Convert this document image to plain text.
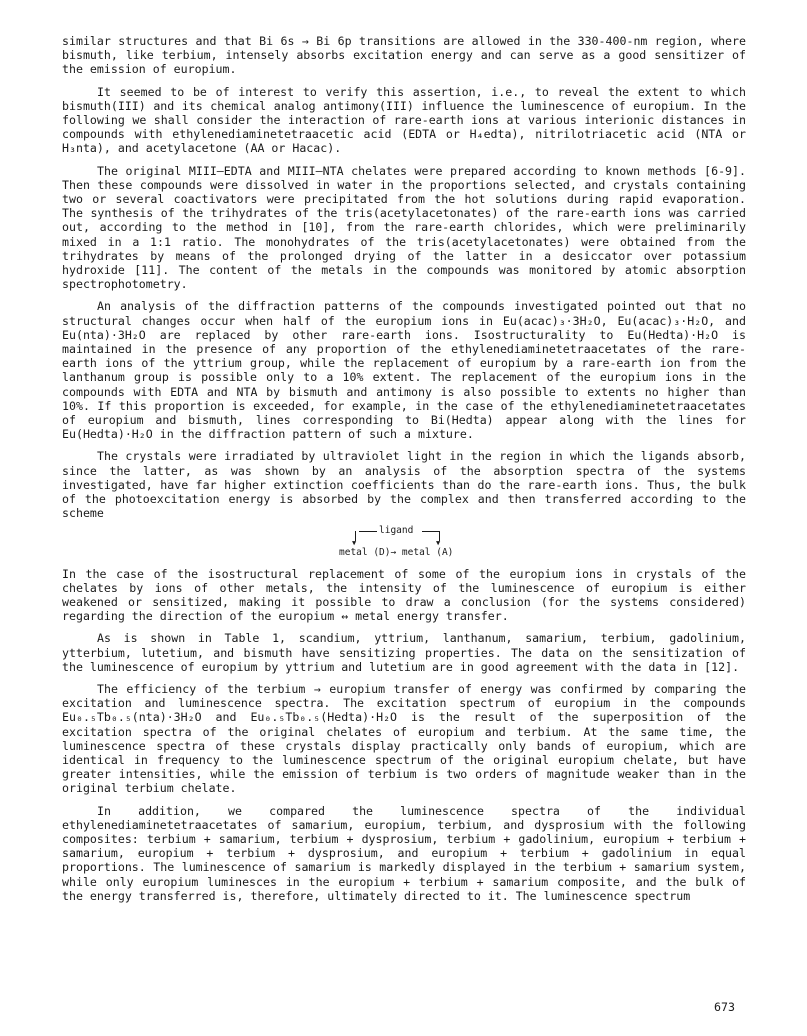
similar structures and that Bi 6s → Bi 6p transitions are allowed in the 330-400-nm region, where bismuth, like terbium, intensely absorbs excitation energy and can serve as a good sensitizer of the emission of europium.

It seemed to be of interest to verify this assertion, i.e., to reveal the extent to which bismuth(III) and its chemical analog antimony(III) influence the luminescence of europium. In the following we shall consider the interaction of rare-earth ions at various interionic distances in compounds with ethylenediaminetetraacetic acid (EDTA or H₄edta), nitrilotriacetic acid (NTA or H₃nta), and acetylacetone (AA or Hacac).

The original MIII–EDTA and MIII–NTA chelates were prepared according to known methods [6-9]. Then these compounds were dissolved in water in the proportions selected, and crystals containing two or several coactivators were precipitated from the hot solutions during rapid evaporation. The synthesis of the trihydrates of the tris(acetylacetonates) of the rare-earth ions was carried out, according to the method in [10], from the rare-earth chlorides, which were preliminarily mixed in a 1:1 ratio. The monohydrates of the tris(acetylacetonates) were obtained from the trihydrates by means of the prolonged drying of the latter in a desiccator over potassium hydroxide [11]. The content of the metals in the compounds was monitored by atomic absorption spectrophotometry.

An analysis of the diffraction patterns of the compounds investigated pointed out that no structural changes occur when half of the europium ions in Eu(acac)₃·3H₂O, Eu(acac)₃·H₂O, and Eu(nta)·3H₂O are replaced by other rare-earth ions. Isostructurality to Eu(Hedta)·H₂O is maintained in the presence of any proportion of the ethylenediaminetetraacetates of the rare-earth ions of the yttrium group, while the replacement of europium by a rare-earth ion from the lanthanum group is possible only to a 10% extent. The replacement of the europium ions in the compounds with EDTA and NTA by bismuth and antimony is also possible to extents no higher than 10%. If this proportion is exceeded, for example, in the case of the ethylenediaminetetraacetates of europium and bismuth, lines corresponding to Bi(Hedta) appear along with the lines for Eu(Hedta)·H₂O in the diffraction pattern of such a mixture.

The crystals were irradiated by ultraviolet light in the region in which the ligands absorb, since the latter, as was shown by an analysis of the absorption spectra of the systems investigated, have far higher extinction coefficients than do the rare-earth ions. Thus, the bulk of the photoexcitation energy is absorbed by the complex and then transferred according to the scheme

ligand
▼	▼
metal (D)→ metal (A)

In the case of the isostructural replacement of some of the europium ions in crystals of the chelates by ions of other metals, the intensity of the luminescence of europium is either weakened or sensitized, making it possible to draw a conclusion (for the systems considered) regarding the direction of the europium ↔ metal energy transfer.

As is shown in Table 1, scandium, yttrium, lanthanum, samarium, terbium, gadolinium, ytterbium, lutetium, and bismuth have sensitizing properties. The data on the sensitization of the luminescence of europium by yttrium and lutetium are in good agreement with the data in [12].

The efficiency of the terbium → europium transfer of energy was confirmed by comparing the excitation and luminescence spectra. The excitation spectrum of europium in the compounds Eu₀.₅Tb₀.₅(nta)·3H₂O and Eu₀.₅Tb₀.₅(Hedta)·H₂O is the result of the superposition of the excitation spectra of the original chelates of europium and terbium. At the same time, the luminescence spectra of these crystals display practically only bands of europium, which are identical in frequency to the luminescence spectrum of the original europium chelate, but have greater intensities, while the emission of terbium is two orders of magnitude weaker than in the original terbium chelate.

In addition, we compared the luminescence spectra of the individual ethylenediaminetetraacetates of samarium, europium, terbium, and dysprosium with the following composites: terbium + samarium, terbium + dysprosium, terbium + gadolinium, europium + terbium + samarium, europium + terbium + dysprosium, and europium + terbium + gadolinium in equal proportions. The luminescence of samarium is markedly displayed in the terbium + samarium system, while only europium luminesces in the europium + terbium + samarium composite, and the bulk of the energy transferred is, therefore, ultimately directed to it. The luminescence spectrum

673
